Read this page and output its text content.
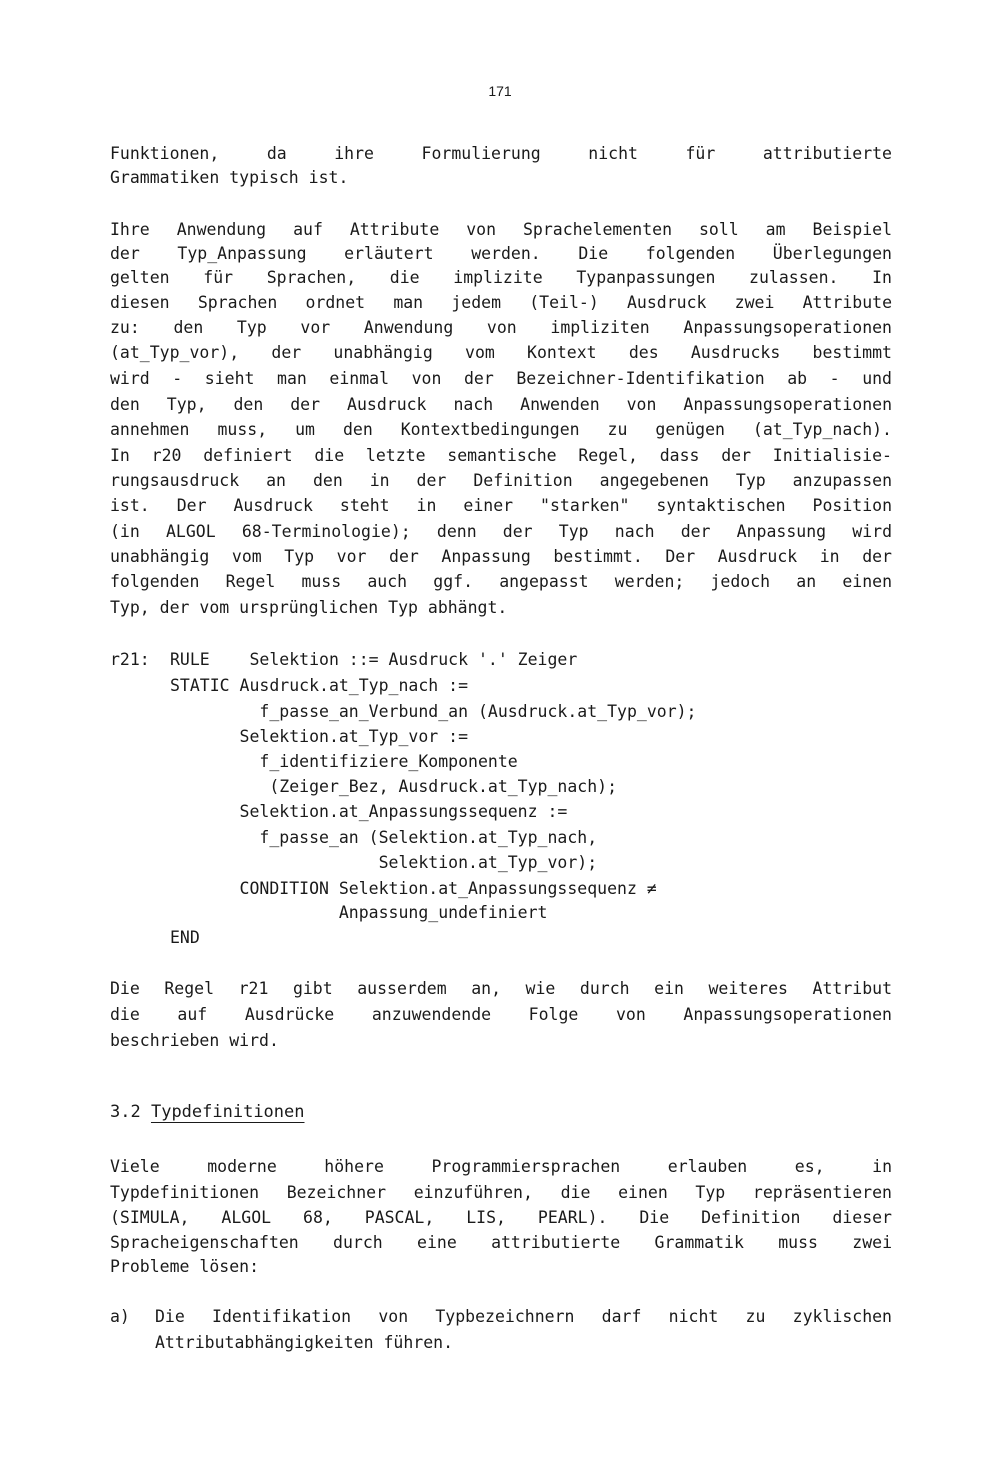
171
Funktionen,  da  ihre  Formulierung  nicht  für  attributierte
Grammatiken typisch ist.
Ihre Anwendung auf Attribute von Sprachelementen soll am Beispiel
der Typ_Anpassung erläutert werden. Die folgenden Überlegungen
gelten für Sprachen, die implizite Typanpassungen zulassen. In
diesen Sprachen ordnet man jedem (Teil-) Ausdruck zwei Attribute
zu: den Typ vor Anwendung von impliziten Anpassungsoperationen
(at_Typ_vor), der unabhängig vom Kontext des Ausdrucks bestimmt
wird - sieht man einmal von der Bezeichner-Identifikation ab - und
den Typ, den der Ausdruck nach Anwenden von Anpassungsoperationen
annehmen muss, um den Kontextbedingungen zu genügen (at_Typ_nach).
In r20 definiert die letzte semantische Regel, dass der Initialisie-
rungsausdruck an den in der Definition angegebenen Typ anzupassen
ist. Der Ausdruck steht in einer "starken" syntaktischen Position
(in ALGOL 68-Terminologie); denn der Typ nach der Anpassung wird
unabhängig vom Typ vor der Anpassung bestimmt. Der Ausdruck in der
folgenden Regel muss auch ggf. angepasst werden; jedoch an einen
Typ, der vom ursprünglichen Typ abhängt.
r21: RULE    Selektion ::= Ausdruck '.' Zeiger
STATIC Ausdruck.at_Typ_nach :=
f_passe_an_Verbund_an (Ausdruck.at_Typ_vor);
Selektion.at_Typ_vor :=
f_identifiziere_Komponente
(Zeiger_Bez, Ausdruck.at_Typ_nach);
Selektion.at_Anpassungssequenz :=
f_passe_an (Selektion.at_Typ_nach,
Selektion.at_Typ_vor);
CONDITION Selektion.at_Anpassungssequenz ≠
Anpassung_undefiniert
END
Die Regel r21 gibt ausserdem an, wie durch ein weiteres Attribut
die auf Ausdrücke anzuwendende Folge von Anpassungsoperationen
beschrieben wird.
3.2 Typdefinitionen
Viele moderne höhere Programmiersprachen erlauben es, in
Typdefinitionen Bezeichner einzuführen, die einen Typ repräsentieren
(SIMULA, ALGOL 68, PASCAL, LIS, PEARL). Die Definition dieser
Spracheigenschaften durch eine attributierte Grammatik muss zwei
Probleme lösen:
a) Die Identifikation von Typbezeichnern darf nicht zu zyklischen
Attributabhängigkeiten führen.
